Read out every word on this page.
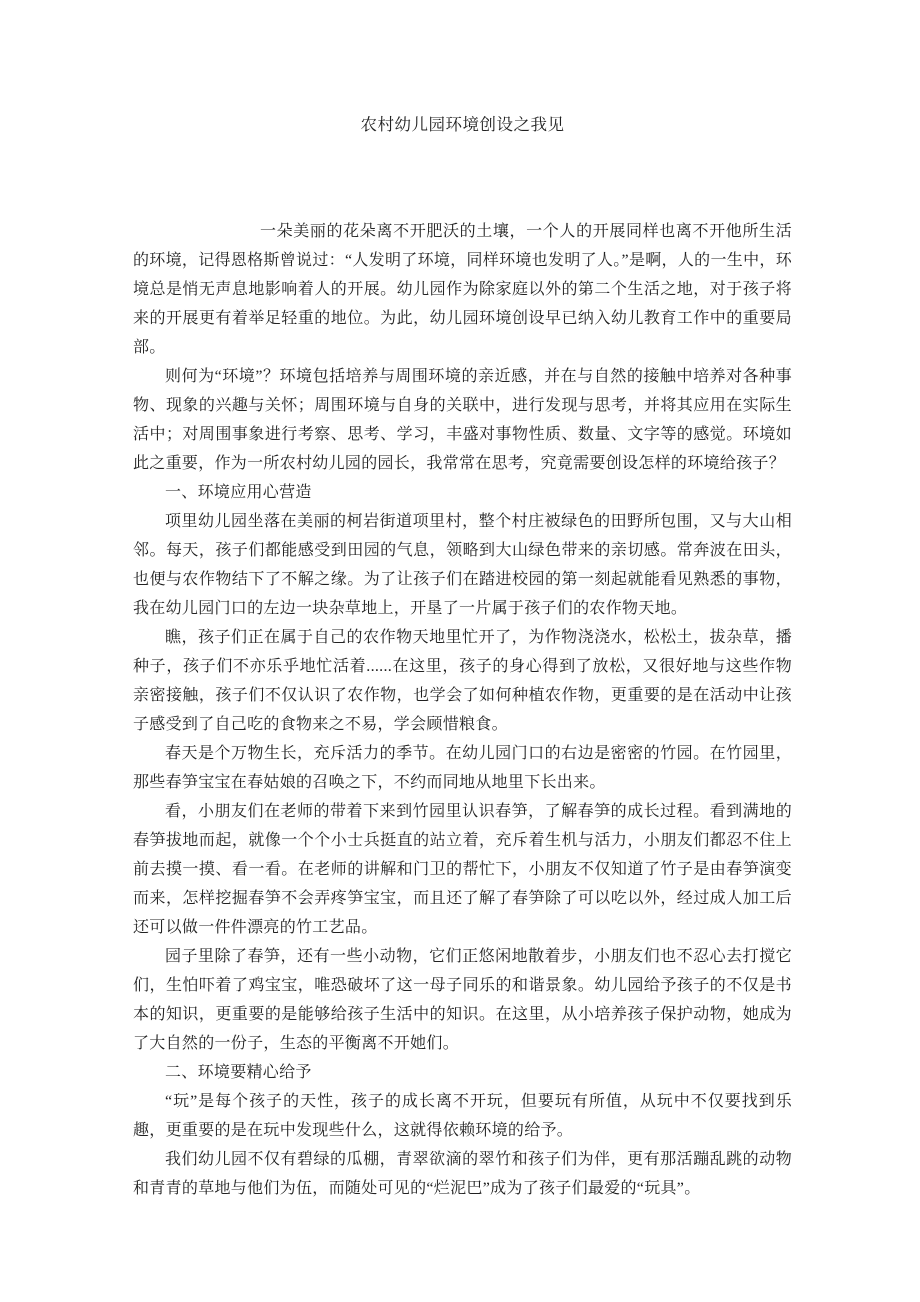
农村幼儿园环境创设之我见

一朵美丽的花朵离不开肥沃的土壤，一个人的开展同样也离不开他所生活的环境，记得恩格斯曾说过：“人发明了环境，同样环境也发明了人。”是啊，人的一生中，环境总是悄无声息地影响着人的开展。幼儿园作为除家庭以外的第二个生活之地，对于孩子将来的开展更有着举足轻重的地位。为此，幼儿园环境创设早已纳入幼儿教育工作中的重要局部。

则何为“环境”？环境包括培养与周围环境的亲近感，并在与自然的接触中培养对各种事物、现象的兴趣与关怀；周围环境与自身的关联中，进行发现与思考，并将其应用在实际生活中；对周围事象进行考察、思考、学习，丰盛对事物性质、数量、文字等的感觉。环境如此之重要，作为一所农村幼儿园的园长，我常常在思考，究竟需要创设怎样的环境给孩子？

一、环境应用心营造

项里幼儿园坐落在美丽的柯岩街道项里村，整个村庄被绿色的田野所包围，又与大山相邻。每天，孩子们都能感受到田园的气息，领略到大山绿色带来的亲切感。常奔波在田头，也便与农作物结下了不解之缘。为了让孩子们在踏进校园的第一刻起就能看见熟悉的事物，我在幼儿园门口的左边一块杂草地上，开垦了一片属于孩子们的农作物天地。

瞧，孩子们正在属于自己的农作物天地里忙开了，为作物浇浇水，松松土，拔杂草，播种子，孩子们不亦乐乎地忙活着......在这里，孩子的身心得到了放松，又很好地与这些作物亲密接触，孩子们不仅认识了农作物，也学会了如何种植农作物，更重要的是在活动中让孩子感受到了自己吃的食物来之不易，学会顾惜粮食。

春天是个万物生长，充斥活力的季节。在幼儿园门口的右边是密密的竹园。在竹园里，那些春笋宝宝在春姑娘的召唤之下，不约而同地从地里下长出来。

看，小朋友们在老师的带着下来到竹园里认识春笋，了解春笋的成长过程。看到满地的春笋拔地而起，就像一个个小士兵挺直的站立着，充斥着生机与活力，小朋友们都忍不住上前去摸一摸、看一看。在老师的讲解和门卫的帮忙下，小朋友不仅知道了竹子是由春笋演变而来，怎样挖掘春笋不会弄疼笋宝宝，而且还了解了春笋除了可以吃以外，经过成人加工后还可以做一件件漂亮的竹工艺品。

园子里除了春笋，还有一些小动物，它们正悠闲地散着步，小朋友们也不忍心去打搅它们，生怕吓着了鸡宝宝，唯恐破坏了这一母子同乐的和谐景象。幼儿园给予孩子的不仅是书本的知识，更重要的是能够给孩子生活中的知识。在这里，从小培养孩子保护动物，她成为了大自然的一份子，生态的平衡离不开她们。

二、环境要精心给予

“玩”是每个孩子的天性，孩子的成长离不开玩，但要玩有所值，从玩中不仅要找到乐趣，更重要的是在玩中发现些什么，这就得依赖环境的给予。

我们幼儿园不仅有碧绿的瓜棚，青翠欲滴的翠竹和孩子们为伴，更有那活蹦乱跳的动物和青青的草地与他们为伍，而随处可见的“烂泥巴”成为了孩子们最爱的“玩具”。
